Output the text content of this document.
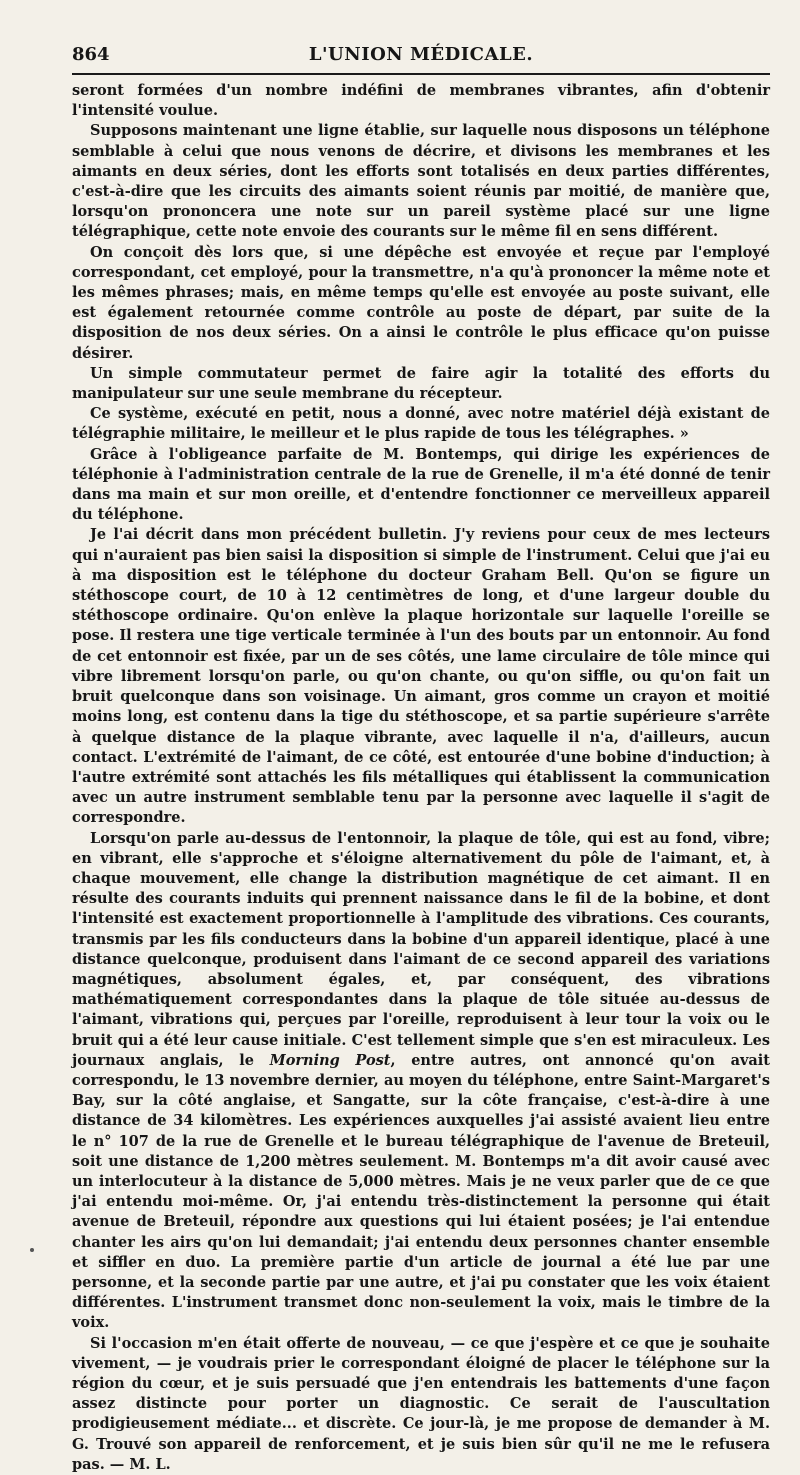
864	L'UNION MÉDICALE.

seront formées d'un nombre indéfini de membranes vibrantes, afin d'obtenir l'intensité voulue.

Supposons maintenant une ligne établie, sur laquelle nous disposons un téléphone semblable à celui que nous venons de décrire, et divisons les membranes et les aimants en deux séries, dont les efforts sont totalisés en deux parties différentes, c'est-à-dire que les circuits des aimants soient réunis par moitié, de manière que, lorsqu'on prononcera une note sur un pareil système placé sur une ligne télégraphique, cette note envoie des courants sur le même fil en sens différent.

On conçoit dès lors que, si une dépêche est envoyée et reçue par l'employé correspondant, cet employé, pour la transmettre, n'a qu'à prononcer la même note et les mêmes phrases; mais, en même temps qu'elle est envoyée au poste suivant, elle est également retournée comme contrôle au poste de départ, par suite de la disposition de nos deux séries. On a ainsi le contrôle le plus efficace qu'on puisse désirer.

Un simple commutateur permet de faire agir la totalité des efforts du manipulateur sur une seule membrane du récepteur.

Ce système, exécuté en petit, nous a donné, avec notre matériel déjà existant de télégraphie militaire, le meilleur et le plus rapide de tous les télégraphes. »

Grâce à l'obligeance parfaite de M. Bontemps, qui dirige les expériences de téléphonie à l'administration centrale de la rue de Grenelle, il m'a été donné de tenir dans ma main et sur mon oreille, et d'entendre fonctionner ce merveilleux appareil du téléphone.

Je l'ai décrit dans mon précédent bulletin. J'y reviens pour ceux de mes lecteurs qui n'auraient pas bien saisi la disposition si simple de l'instrument. Celui que j'ai eu à ma disposition est le téléphone du docteur Graham Bell. Qu'on se figure un stéthoscope court, de 10 à 12 centimètres de long, et d'une largeur double du stéthoscope ordinaire. Qu'on enlève la plaque horizontale sur laquelle l'oreille se pose. Il restera une tige verticale terminée à l'un des bouts par un entonnoir. Au fond de cet entonnoir est fixée, par un de ses côtés, une lame circulaire de tôle mince qui vibre librement lorsqu'on parle, ou qu'on chante, ou qu'on siffle, ou qu'on fait un bruit quelconque dans son voisinage. Un aimant, gros comme un crayon et moitié moins long, est contenu dans la tige du stéthoscope, et sa partie supérieure s'arrête à quelque distance de la plaque vibrante, avec laquelle il n'a, d'ailleurs, aucun contact. L'extrémité de l'aimant, de ce côté, est entourée d'une bobine d'induction; à l'autre extrémité sont attachés les fils métalliques qui établissent la communication avec un autre instrument semblable tenu par la personne avec laquelle il s'agit de correspondre.

Lorsqu'on parle au-dessus de l'entonnoir, la plaque de tôle, qui est au fond, vibre; en vibrant, elle s'approche et s'éloigne alternativement du pôle de l'aimant, et, à chaque mouvement, elle change la distribution magnétique de cet aimant. Il en résulte des courants induits qui prennent naissance dans le fil de la bobine, et dont l'intensité est exactement proportionnelle à l'amplitude des vibrations. Ces courants, transmis par les fils conducteurs dans la bobine d'un appareil identique, placé à une distance quelconque, produisent dans l'aimant de ce second appareil des variations magnétiques, absolument égales, et, par conséquent, des vibrations mathématiquement correspondantes dans la plaque de tôle située au-dessus de l'aimant, vibrations qui, perçues par l'oreille, reproduisent à leur tour la voix ou le bruit qui a été leur cause initiale. C'est tellement simple que s'en est miraculeux. Les journaux anglais, le Morning Post, entre autres, ont annoncé qu'on avait correspondu, le 13 novembre dernier, au moyen du téléphone, entre Saint-Margaret's Bay, sur la côté anglaise, et Sangatte, sur la côte française, c'est-à-dire à une distance de 34 kilomètres. Les expériences auxquelles j'ai assisté avaient lieu entre le n° 107 de la rue de Grenelle et le bureau télégraphique de l'avenue de Breteuil, soit une distance de 1,200 mètres seulement. M. Bontemps m'a dit avoir causé avec un interlocuteur à la distance de 5,000 mètres. Mais je ne veux parler que de ce que j'ai entendu moi-même. Or, j'ai entendu très-distinctement la personne qui était avenue de Breteuil, répondre aux questions qui lui étaient posées; je l'ai entendue chanter les airs qu'on lui demandait; j'ai entendu deux personnes chanter ensemble et siffler en duo. La première partie d'un article de journal a été lue par une personne, et la seconde partie par une autre, et j'ai pu constater que les voix étaient différentes. L'instrument transmet donc non-seulement la voix, mais le timbre de la voix.

Si l'occasion m'en était offerte de nouveau, — ce que j'espère et ce que je souhaite vivement, — je voudrais prier le correspondant éloigné de placer le téléphone sur la région du cœur, et je suis persuadé que j'en entendrais les battements d'une façon assez distincte pour porter un diagnostic. Ce serait de l'auscultation prodigieusement médiate... et discrète. Ce jour-là, je me propose de demander à M. G. Trouvé son appareil de renforcement, et je suis bien sûr qu'il ne me le refusera pas. — M. L.
